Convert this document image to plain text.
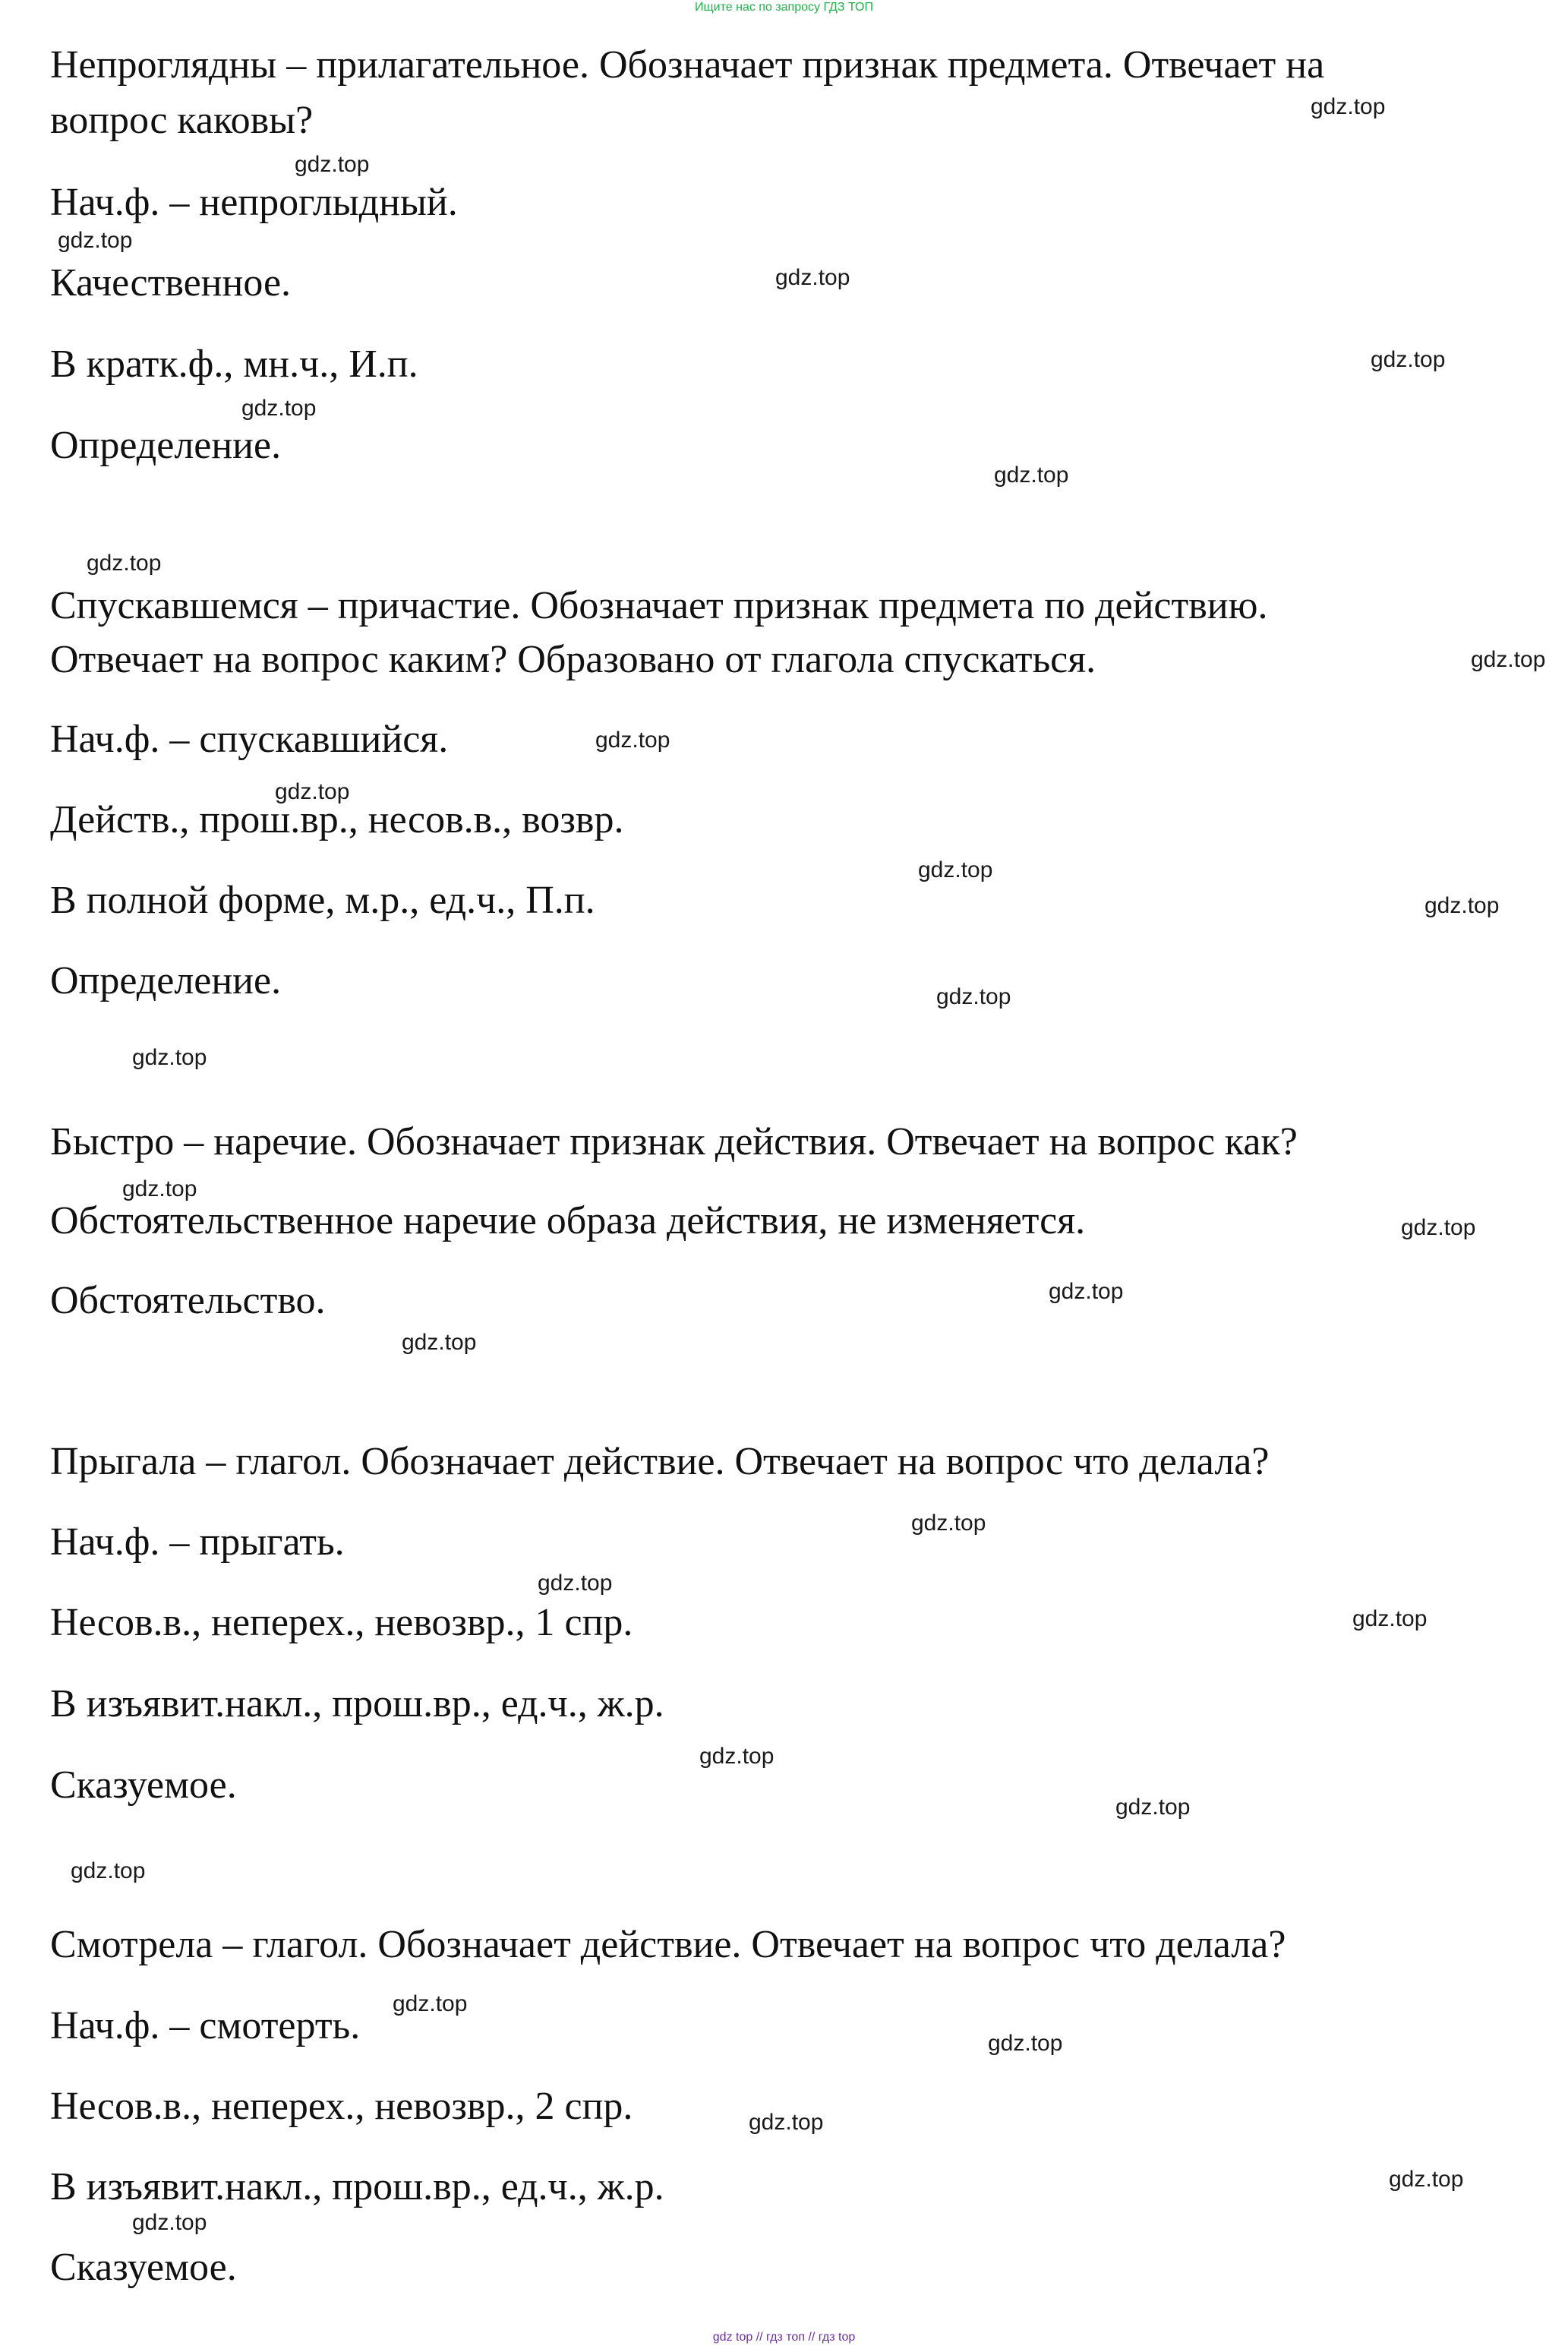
Ищите нас по запросу ГДЗ ТОП
Непроглядны – прилагательное. Обозначает признак предмета. Отвечает на
вопрос каковы?
Нач.ф. – непроглыдный.
Качественное.
В кратк.ф., мн.ч., И.п.
Определение.
Спускавшемся – причастие. Обозначает признак предмета по действию.
Отвечает на вопрос каким? Образовано от глагола спускаться.
Нач.ф. – спускавшийся.
Действ., прош.вр., несов.в., возвр.
В полной форме, м.р., ед.ч., П.п.
Определение.
Быстро – наречие. Обозначает признак действия. Отвечает на вопрос как?
Обстоятельственное наречие образа действия, не изменяется.
Обстоятельство.
Прыгала – глагол. Обозначает действие. Отвечает на вопрос что делала?
Нач.ф. – прыгать.
Несов.в., неперех., невозвр., 1 спр.
В изъявит.накл., прош.вр., ед.ч., ж.р.
Сказуемое.
Смотрела – глагол. Обозначает действие. Отвечает на вопрос что делала?
Нач.ф. – смотерть.
Несов.в., неперех., невозвр., 2 спр.
В изъявит.накл., прош.вр., ед.ч., ж.р.
Сказуемое.
gdz.top
gdz.top
gdz.top
gdz.top
gdz.top
gdz.top
gdz.top
gdz.top
gdz.top
gdz.top
gdz.top
gdz.top
gdz.top
gdz.top
gdz.top
gdz.top
gdz.top
gdz.top
gdz.top
gdz.top
gdz.top
gdz.top
gdz.top
gdz.top
gdz.top
gdz.top
gdz.top
gdz.top
gdz.top
gdz.top
gdz top // гдз топ // гдз top
